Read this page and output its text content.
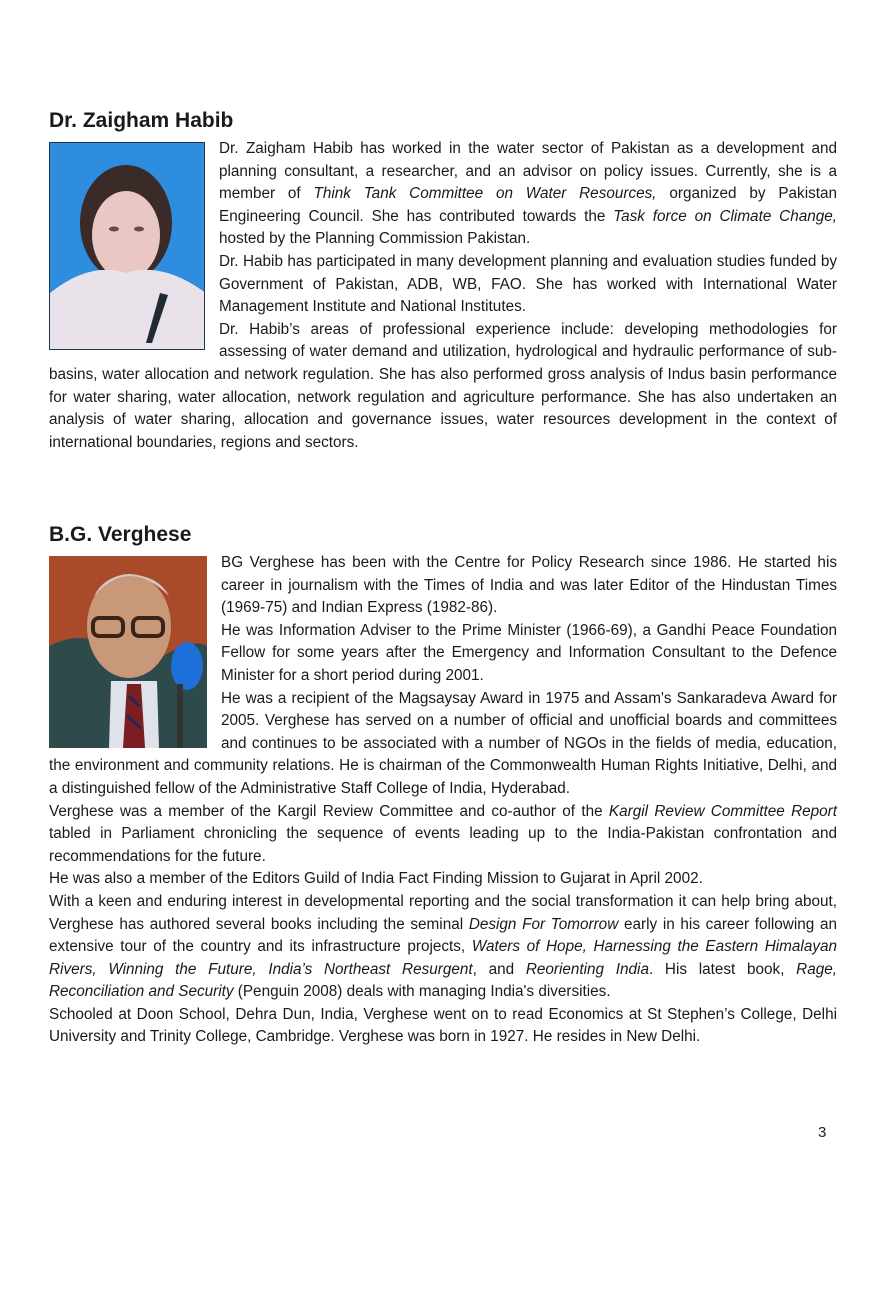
Dr. Zaigham Habib

Dr. Zaigham Habib has worked in the water sector of Pakistan as a development and planning consultant, a researcher, and an advisor on policy issues. Currently, she is a member of Think Tank Committee on Water Resources, organized by Pakistan Engineering Council. She has contributed towards the Task force on Climate Change, hosted by the Planning Commission Pakistan.

Dr. Habib has participated in many development planning and evaluation studies funded by Government of Pakistan, ADB, WB, FAO. She has worked with International Water Management Institute and National Institutes.

Dr. Habib’s areas of professional experience include: developing methodologies for assessing of water demand and utilization, hydrological and hydraulic performance of sub-basins, water allocation and network regulation. She has also performed gross analysis of Indus basin performance for water sharing, water allocation, network regulation and agriculture performance. She has also undertaken an analysis of water sharing, allocation and governance issues, water resources development in the context of international boundaries, regions and sectors.

B.G. Verghese

BG Verghese has been with the Centre for Policy Research since 1986. He started his career in journalism with the Times of India and was later Editor of the Hindustan Times (1969-75) and Indian Express (1982-86).

He was Information Adviser to the Prime Minister (1966-69), a Gandhi Peace Foundation Fellow for some years after the Emergency and Information Consultant to the Defence Minister for a short period during 2001.

He was a recipient of the Magsaysay Award in 1975 and Assam's Sankaradeva Award for 2005. Verghese has served on a number of official and unofficial boards and committees and continues to be associated with a number of NGOs in the fields of media, education, the environment and community relations. He is chairman of the Commonwealth Human Rights Initiative, Delhi, and a distinguished fellow of the Administrative Staff College of India, Hyderabad.

Verghese was a member of the Kargil Review Committee and co-author of the Kargil Review Committee Report tabled in Parliament chronicling the sequence of events leading up to the India-Pakistan confrontation and recommendations for the future.

He was also a member of the Editors Guild of India Fact Finding Mission to Gujarat in April 2002.

With a keen and enduring interest in developmental reporting and the social transformation it can help bring about, Verghese has authored several books including the seminal Design For Tomorrow early in his career following an extensive tour of the country and its infrastructure projects, Waters of Hope, Harnessing the Eastern Himalayan Rivers, Winning the Future, India’s Northeast Resurgent, and Reorienting India. His latest book, Rage, Reconciliation and Security (Penguin 2008) deals with managing India's diversities.

Schooled at Doon School, Dehra Dun, India, Verghese went on to read Economics at St Stephen’s College, Delhi University and Trinity College, Cambridge. Verghese was born in 1927. He resides in New Delhi.

3
